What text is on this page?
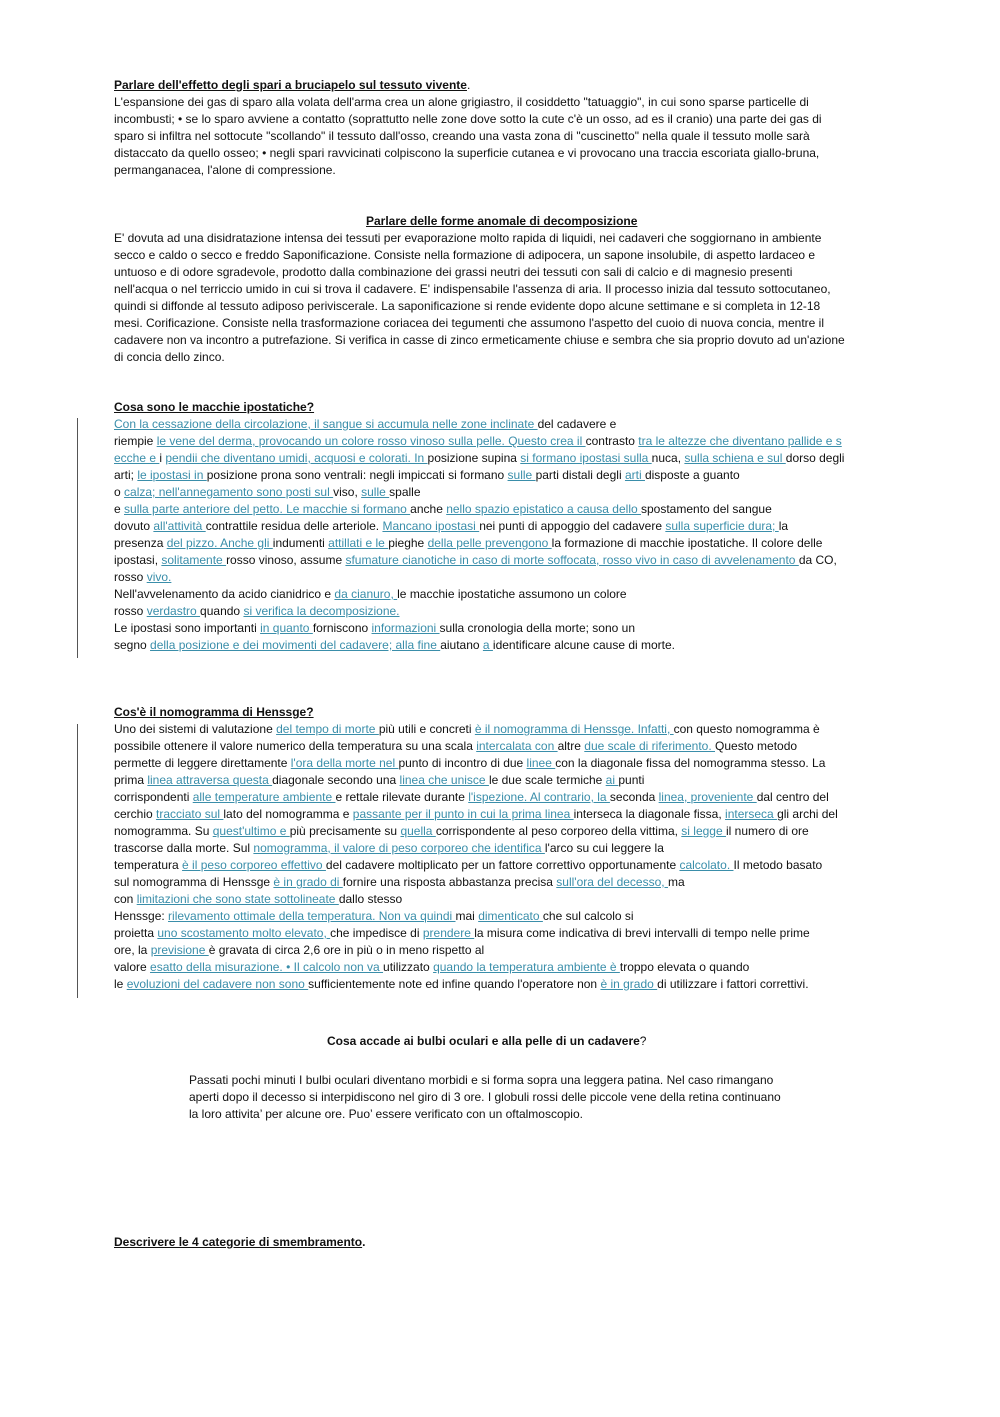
Parlare dell'effetto degli spari a bruciapelo sul tessuto vivente.
L'espansione dei gas di sparo alla volata dell'arma crea un alone grigiastro, il cosiddetto "tatuaggio", in cui sono sparse particelle di
incombusti; • se lo sparo avviene a contatto (soprattutto nelle zone dove sotto la cute c'è un osso, ad es il cranio) una parte dei gas di
sparo si infiltra nel sottocute "scollando" il tessuto dall'osso, creando una vasta zona di "cuscinetto" nella quale il tessuto molle sarà
distaccato da quello osseo; • negli spari ravvicinati colpiscono la superficie cutanea e vi provocano una traccia escoriata giallo-bruna,
permanganacea, l'alone di compressione.
Parlare delle forme anomale di decomposizione
E' dovuta ad una disidratazione intensa dei tessuti per evaporazione molto rapida di liquidi, nei cadaveri che soggiornano in ambiente
secco e caldo o secco e freddo Saponificazione. Consiste nella formazione di adipocera, un sapone insolubile, di aspetto lardaceo e
untuoso e di odore sgradevole, prodotto dalla combinazione dei grassi neutri dei tessuti con sali di calcio e di magnesio presenti
nell'acqua o nel terriccio umido in cui si trova il cadavere. E' indispensabile l'assenza di aria. Il processo inizia dal tessuto sottocutaneo,
quindi si diffonde al tessuto adiposo periviscerale. La saponificazione si rende evidente dopo alcune settimane e si completa in 12-18
mesi. Corificazione. Consiste nella trasformazione coriacea dei tegumenti che assumono l'aspetto del cuoio di nuova concia, mentre il
cadavere non va incontro a putrefazione. Si verifica in casse di zinco ermeticamente chiuse e sembra che sia proprio dovuto ad un'azione
di concia dello zinco.
Cosa sono le macchie ipostatiche?
Con la cessazione della circolazione, il sangue si accumula nelle zone inclinate del cadavere e
riempie le vene del derma, provocando un colore rosso vinoso sulla pelle. Questo crea il contrasto tra le altezze che diventano pallide e s
ecche e i pendii che diventano umidi, acquosi e colorati. In posizione supina si formano ipostasi sulla nuca, sulla schiena e sul dorso degli
arti; le ipostasi in posizione prona sono ventrali: negli impiccati si formano sulle parti distali degli arti disposte a guanto
o calza; nell'annegamento sono posti sul viso, sulle spalle
e sulla parte anteriore del petto. Le macchie si formano anche nello spazio epistatico a causa dello spostamento del sangue
dovuto all'attività contrattile residua delle arteriole. Mancano ipostasi nei punti di appoggio del cadavere sulla superficie dura; la
presenza del pizzo. Anche gli indumenti attillati e le pieghe della pelle prevengono la formazione di macchie ipostatiche. Il colore delle
ipostasi, solitamente rosso vinoso, assume sfumature cianotiche in caso di morte soffocata, rosso vivo in caso di avvelenamento da CO,
rosso vivo.
Nell'avvelenamento da acido cianidrico e da cianuro, le macchie ipostatiche assumono un colore
rosso verdastro quando si verifica la decomposizione.
Le ipostasi sono importanti in quanto forniscono informazioni sulla cronologia della morte; sono un
segno della posizione e dei movimenti del cadavere; alla fine aiutano a identificare alcune cause di morte.
Cos'è il nomogramma di Henssge?
Uno dei sistemi di valutazione del tempo di morte più utili e concreti è il nomogramma di Henssge. Infatti, con questo nomogramma è
possibile ottenere il valore numerico della temperatura su una scala intercalata con altre due scale di riferimento. Questo metodo
permette di leggere direttamente l'ora della morte nel punto di incontro di due linee con la diagonale fissa del nomogramma stesso. La
prima linea attraversa questa diagonale secondo una linea che unisce le due scale termiche ai punti
corrispondenti alle temperature ambiente e rettale rilevate durante l'ispezione. Al contrario, la seconda linea, proveniente dal centro del
cerchio tracciato sul lato del nomogramma e passante per il punto in cui la prima linea interseca la diagonale fissa, interseca gli archi del
nomogramma. Su quest'ultimo e più precisamente su quella corrispondente al peso corporeo della vittima, si legge il numero di ore
trascorse dalla morte. Sul nomogramma, il valore di peso corporeo che identifica l'arco su cui leggere la
temperatura è il peso corporeo effettivo del cadavere moltiplicato per un fattore correttivo opportunamente calcolato. Il metodo basato
sul nomogramma di Henssge è in grado di fornire una risposta abbastanza precisa sull'ora del decesso, ma
con limitazioni che sono state sottolineate dallo stesso
Henssge: rilevamento ottimale della temperatura. Non va quindi mai dimenticato che sul calcolo si
proietta uno scostamento molto elevato, che impedisce di prendere la misura come indicativa di brevi intervalli di tempo nelle prime
ore, la previsione è gravata di circa 2,6 ore in più o in meno rispetto al
valore esatto della misurazione. • Il calcolo non va utilizzato quando la temperatura ambiente è troppo elevata o quando
le evoluzioni del cadavere non sono sufficientemente note ed infine quando l'operatore non è in grado di utilizzare i fattori correttivi.
Cosa accade ai bulbi oculari e alla pelle di un cadavere?
Passati pochi minuti I bulbi oculari diventano morbidi e si forma sopra una leggera patina. Nel caso rimangano
aperti dopo il decesso si interpidiscono nel giro di 3 ore. I globuli rossi delle piccole vene della retina continuano
la loro attivita’ per alcune ore. Puo’ essere verificato con un oftalmoscopio.
Descrivere le 4 categorie di smembramento.
